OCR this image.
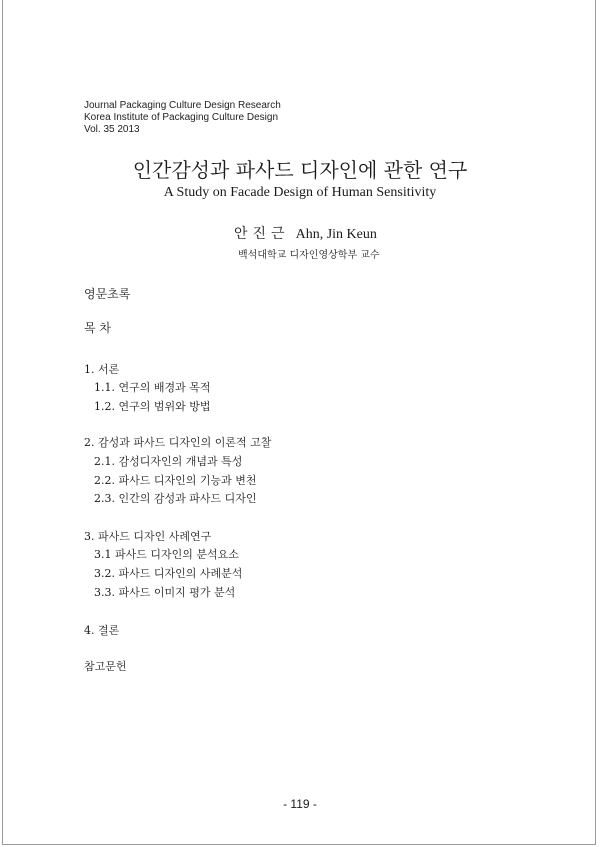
Journal Packaging Culture Design Research
Korea Institute of Packaging Culture Design
Vol. 35 2013
인간감성과 파사드 디자인에 관한 연구
A Study on Facade Design of Human Sensitivity
안진근 Ahn, Jin Keun
백석대학교 디자인영상학부 교수
영문초록
목 차
1. 서론
1.1. 연구의 배경과 목적
1.2. 연구의 범위와 방법
2. 감성과 파사드 디자인의 이론적 고찰
2.1. 감성디자인의 개념과 특성
2.2. 파사드 디자인의 기능과 변천
2.3. 인간의 감성과 파사드 디자인
3. 파사드 디자인 사례연구
3.1 파사드 디자인의 분석요소
3.2. 파사드 디자인의 사례분석
3.3. 파사드 이미지 평가 분석
4. 결론
참고문헌
- 119 -
